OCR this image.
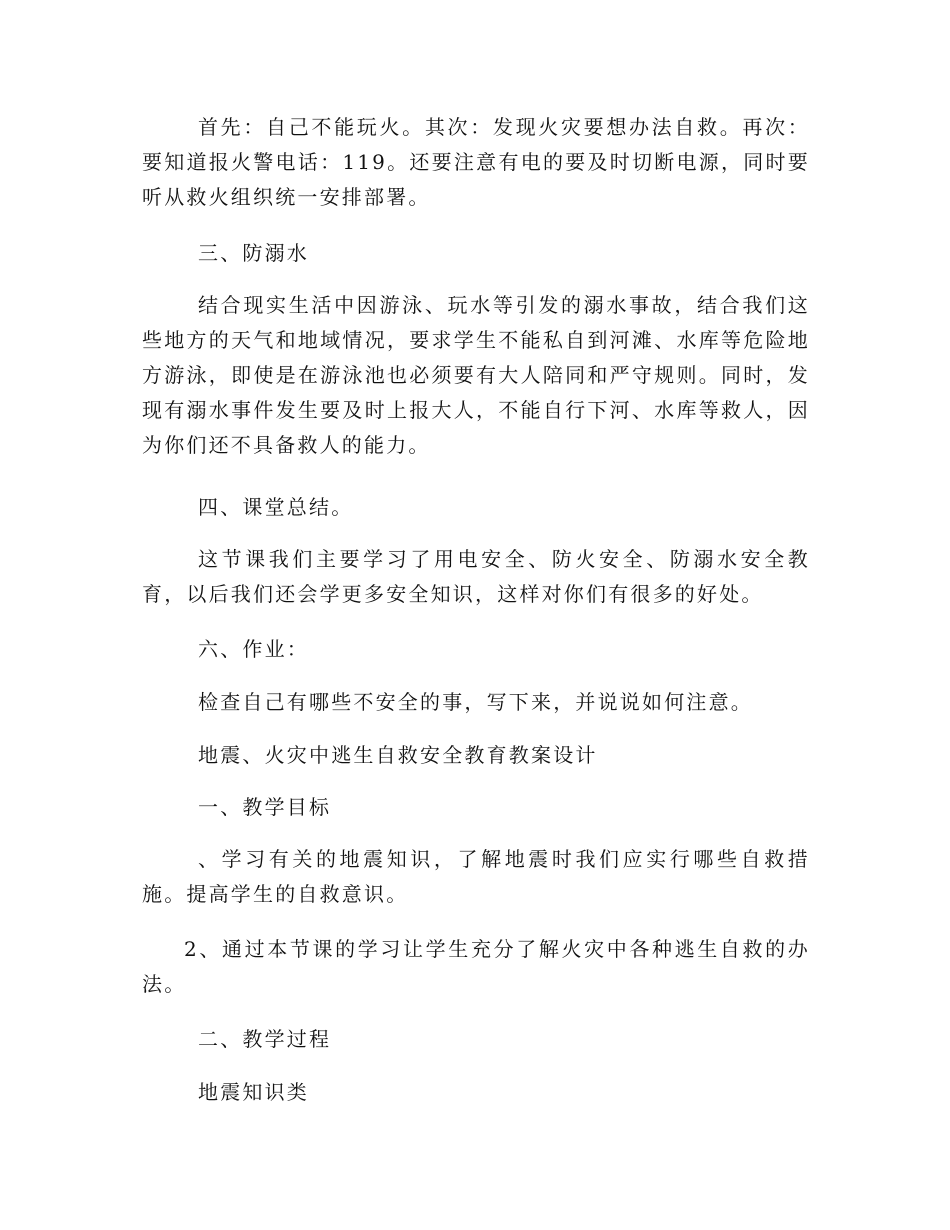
首先：自己不能玩火。其次：发现火灾要想办法自救。再次：要知道报火警电话：119。还要注意有电的要及时切断电源，同时要听从救火组织统一安排部署。

三、防溺水

结合现实生活中因游泳、玩水等引发的溺水事故，结合我们这些地方的天气和地域情况，要求学生不能私自到河滩、水库等危险地方游泳，即使是在游泳池也必须要有大人陪同和严守规则。同时，发现有溺水事件发生要及时上报大人，不能自行下河、水库等救人，因为你们还不具备救人的能力。

四、课堂总结。

这节课我们主要学习了用电安全、防火安全、防溺水安全教育，以后我们还会学更多安全知识，这样对你们有很多的好处。

六、作业：

检查自己有哪些不安全的事，写下来，并说说如何注意。

地震、火灾中逃生自救安全教育教案设计

一、教学目标

、学习有关的地震知识，了解地震时我们应实行哪些自救措施。提高学生的自救意识。

2、通过本节课的学习让学生充分了解火灾中各种逃生自救的办法。

二、教学过程

地震知识类
